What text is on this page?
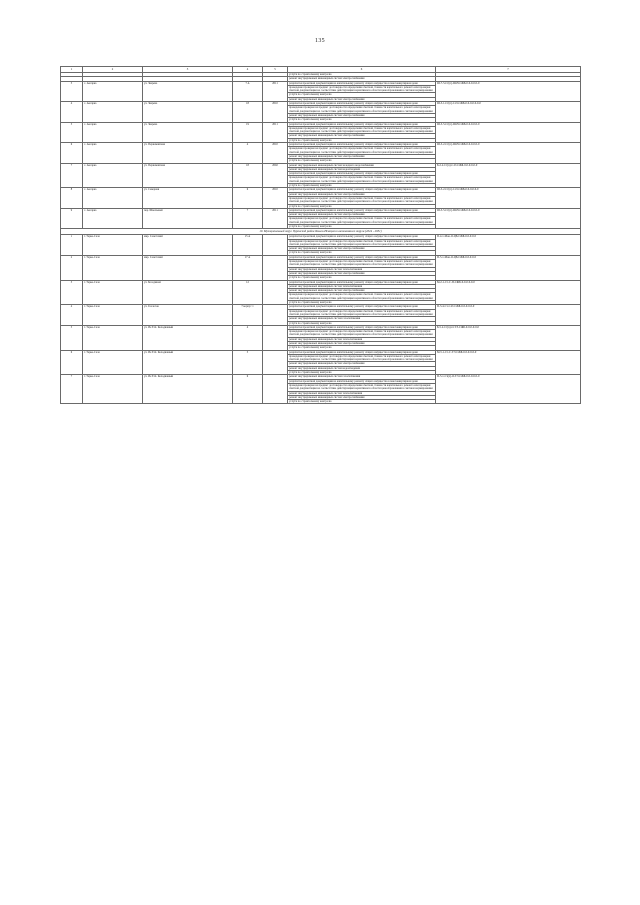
135
1	2	3	4	5	6	7
					услуги по строительному контролю	
					ремонт внутридомовых инженерных систем электроснабжения	
5	с. Аксарка	ул. Зверева	7 А	2011	разработка проектной документации на капитальному ремонту общего имущества в многоквартирном доме	Ш-7-5-Ст(п)-Ш-Н-СЖБ-0-0-0-0-0-0
					проведение проверки на предмет достоверности определения сметной стоимости капитального ремонта или проверки сметной документации на соответствие действующим нормативам в области ценообразования в сметном нормировании	
					услуги по строительному контролю	
					ремонт внутридомовых инженерных систем электроснабжения	
4	с. Аксарка	ул. Зверева	18	2010	разработка проектной документации на капитальному ремонту общего имущества в многоквартирном доме	Ш-3-1-Ст(п)-С-П-СЖБ-0-0-0-0-0-0-0
					проведение проверки на предмет достоверности определения сметной стоимости капитального ремонта или проверки сметной документации на соответствие действующим нормативам в области ценообразования в сметном нормировании	
					ремонт внутридомовых инженерных систем электроснабжения	
					услуги по строительному контролю	
5	с. Аксарка	ул. Зверева	19	2011	разработка проектной документации на капитальному ремонту общего имущества в многоквартирном доме	Ш-3-5-Ст(п)-Ш-Н-СЖБ-0-0-0-0-0-0
					проведение проверки на предмет достоверности определения сметной стоимости капитального ремонта или проверки сметной документации на соответствие действующим нормативам в области ценообразования в сметном нормировании	
					ремонт внутридомовых инженерных систем электроснабжения	
					услуги по строительному контролю	
6	с. Аксарка	ул. Первомайская	4	2010	разработка проектной документации на капитальному ремонту общего имущества в многоквартирном доме	Ш-3-2-Ст(п)-Ш-Н-СЖБ-0-0-0-0-0-0
					проведение проверки на предмет достоверности определения сметной стоимости капитального ремонта или проверки сметной документации на соответствие действующим нормативам в области ценообразования в сметном нормировании	
					ремонт внутридомовых инженерных систем электроснабжения	
					услуги по строительному контролю	
7	с. Аксарка	ул. Первомайская	18	2002	ремонт внутридомовых инженерных систем холодного водоснабжения	Б-2-2-Ст(п)-С-П-СЖБ-0-0-0-0-0-0
					ремонт внутридомовых инженерных систем водоотведения	
					разработка проектной документации на капитальному ремонту общего имущества в многоквартирном доме	
					проведение проверки на предмет достоверности определения сметной стоимости капитального ремонта или проверки сметной документации на соответствие действующим нормативам в области ценообразования в сметном нормировании	
					услуги по строительному контролю	
8	с. Аксарка	ул. Северная	6	2010	разработка проектной документации на капитальному ремонту общего имущества в многоквартирном доме	Ш-3-2-Ст(п)-С-П-СЖБ-0-0-0-0-0-0
					ремонт внутридомовых инженерных систем электроснабжения	
					проведение проверки на предмет достоверности определения сметной стоимости капитального ремонта или проверки сметной документации на соответствие действующим нормативам в области ценообразования в сметном нормировании	
					услуги по строительному контролю	
9	с. Аксарка	пер. Школьный	7	2011	разработка проектной документации на капитальному ремонту общего имущества в многоквартирном доме	Ш-3-5-Ст(п)-Ш-Н-СЖБ-0-0-0-0-0-0
					ремонт внутридомовых инженерных систем электроснабжения	
					проведение проверки на предмет достоверности определения сметной стоимости капитального ремонта или проверки сметной документации на соответствие действующим нормативам в области ценообразования в сметном нормировании	
					услуги по строительному контролю	
19. Муниципальный округ Пуровский район Ямало-Ненецкого автономного округа (2024 - 2031)						
1	г. Тарко-Сале	мкр. Советский	15 А		разработка проектной документации на капитальному ремонту общего имущества в многоквартирном доме	П-4-1-Мон-О-ЦБ-СЖБ-0-0-0-0-0
					проведение проверки на предмет достоверности определения сметной стоимости капитального ремонта или проверки сметной документации на соответствие действующим нормативам в области ценообразования в сметном нормировании	
					ремонт внутридомовых инженерных систем электроснабжения	
					услуги по строительному контролю	
2	г. Тарко-Сале	мкр. Советский	17 А		разработка проектной документации на капитальному ремонту общего имущества в многоквартирном доме	П-5-1-Мон-О-ЦБ-СЖБ-0-0-0-0-0
					проведение проверки на предмет достоверности определения сметной стоимости капитального ремонта или проверки сметной документации на соответствие действующим нормативам в области ценообразования в сметном нормировании	
					ремонт внутридомовых инженерных систем теплоснабжения	
					ремонт внутридомовых инженерных систем электроснабжения	
					услуги по строительному контролю	
3	г. Тарко-Сале	ул. Бесединой	12		разработка проектной документации на капитальному ремонту общего имущества в многоквартирном доме	М-2-1-Ст-С-П-СЖБ-0-0-0-0-0-0
					ремонт внутридомовых инженерных систем теплоснабжения	
					ремонт внутридомовых инженерных систем электроснабжения	
					проведение проверки на предмет достоверности определения сметной стоимости капитального ремонта или проверки сметной документации на соответствие действующим нормативам в области ценообразования в сметном нормировании	
					услуги по строительному контролю	
4	г. Тарко-Сале	ул. Геологов	7 корпус 1		разработка проектной документации на капитальному ремонту общего имущества в многоквартирном доме	П-3-4-Ст-С-П-СЖБ-0-0-0-0-0-0
					проведение проверки на предмет достоверности определения сметной стоимости капитального ремонта или проверки сметной документации на соответствие действующим нормативам в области ценообразования в сметном нормировании	
					ремонт внутридомовых инженерных систем газоснабжения	
					услуги по строительному контролю	
5	г. Тарко-Сале	ул. Ие Е.К. Колодяжный	4		разработка проектной документации на капитальному ремонту общего имущества в многоквартирном доме	Б-5-2-Ст(п)-О-ТЭ-СЖБ-0-0-0-0-0-0
					проведение проверки на предмет достоверности определения сметной стоимости капитального ремонта или проверки сметной документации на соответствие действующим нормативам в области ценообразования в сметном нормировании	
					ремонт внутридомовых инженерных систем теплоснабжения	
					ремонт внутридомовых инженерных систем электроснабжения	
					услуги по строительному контролю	
6	г. Тарко-Сале	ул. Ие Е.К. Колодяжный	5		разработка проектной документации на капитальному ремонту общего имущества в многоквартирном доме	М-5-1-Ст-С-ТЭ-СЖБ-0-0-0-0-0-0
					проведение проверки на предмет достоверности определения сметной стоимости капитального ремонта или проверки сметной документации на соответствие действующим нормативам в области ценообразования в сметном нормировании	
					ремонт внутридомовых инженерных систем электроснабжения	
					ремонт внутридомовых инженерных систем водоотведения	
					услуги по строительному контролю	
7	г. Тарко-Сале	ул. Ие Е.К. Колодяжный	6		ремонт внутридомовых инженерных систем газоснабжения	П-5-1-Ст(п)-О-ТЭ-СЖБ-0-0-0-0-0-0
					разработка проектной документации на капитальному ремонту общего имущества в многоквартирном доме	
					проведение проверки на предмет достоверности определения сметной стоимости капитального ремонта или проверки сметной документации на соответствие действующим нормативам в области ценообразования в сметном нормировании	
					ремонт внутридомовых инженерных систем теплоснабжения	
					ремонт внутридомовых инженерных систем электроснабжения	
					услуги по строительному контролю	
